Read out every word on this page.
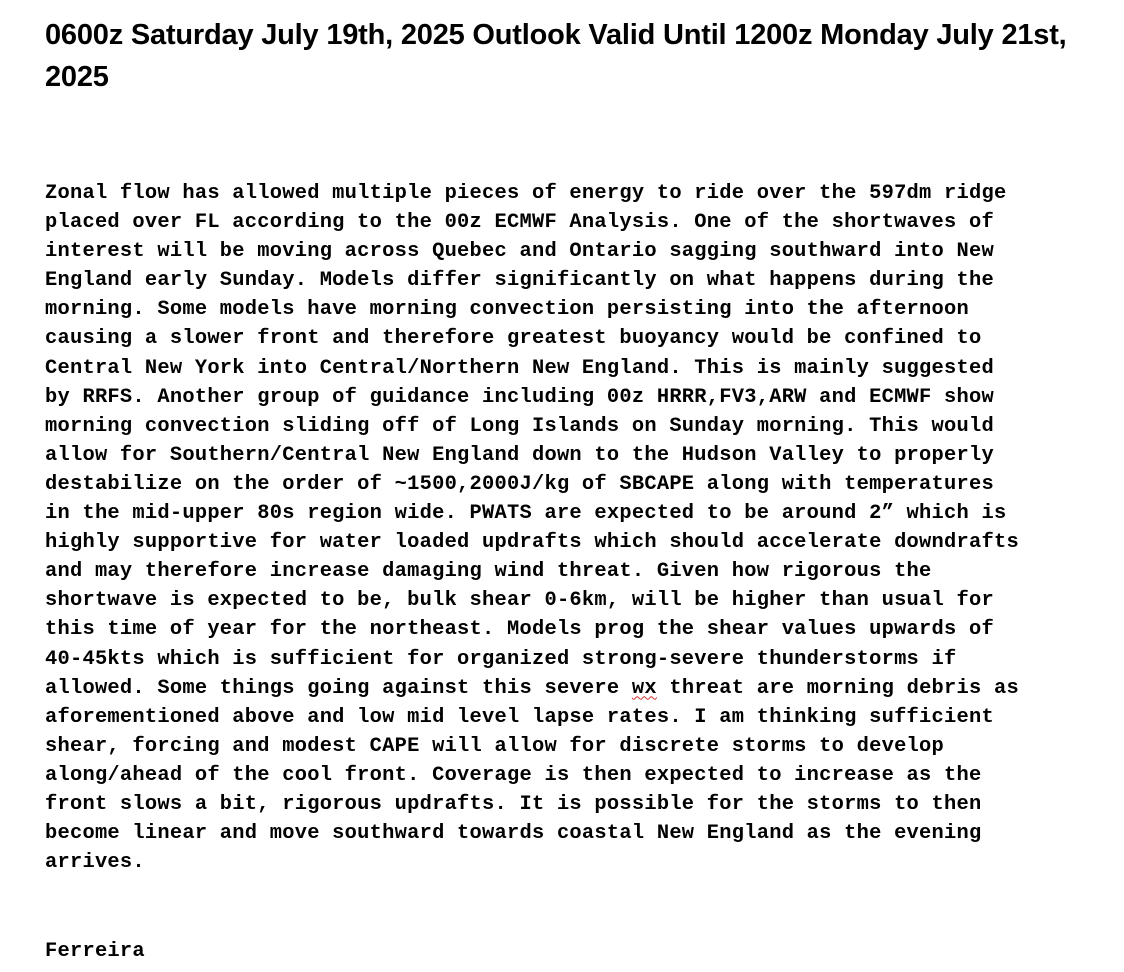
0600z Saturday July 19th, 2025 Outlook Valid Until 1200z Monday July 21st, 2025
Zonal flow has allowed multiple pieces of energy to ride over the 597dm ridge
placed over FL according to the 00z ECMWF Analysis. One of the shortwaves of
interest will be moving across Quebec and Ontario sagging southward into New
England early Sunday. Models differ significantly on what happens during the
morning. Some models have morning convection persisting into the afternoon
causing a slower front and therefore greatest buoyancy would be confined to
Central New York into Central/Northern New England. This is mainly suggested
by RRFS. Another group of guidance including 00z HRRR,FV3,ARW and ECMWF show
morning convection sliding off of Long Islands on Sunday morning. This would
allow for Southern/Central New England down to the Hudson Valley to properly
destabilize on the order of ~1500,2000J/kg of SBCAPE along with temperatures
in the mid-upper 80s region wide. PWATS are expected to be around 2” which is
highly supportive for water loaded updrafts which should accelerate downdrafts
and may therefore increase damaging wind threat. Given how rigorous the
shortwave is expected to be, bulk shear 0-6km, will be higher than usual for
this time of year for the northeast. Models prog the shear values upwards of
40-45kts which is sufficient for organized strong-severe thunderstorms if
allowed. Some things going against this severe wx threat are morning debris as
aforementioned above and low mid level lapse rates. I am thinking sufficient
shear, forcing and modest CAPE will allow for discrete storms to develop
along/ahead of the cool front. Coverage is then expected to increase as the
front slows a bit, rigorous updrafts. It is possible for the storms to then
become linear and move southward towards coastal New England as the evening
arrives.
Ferreira
